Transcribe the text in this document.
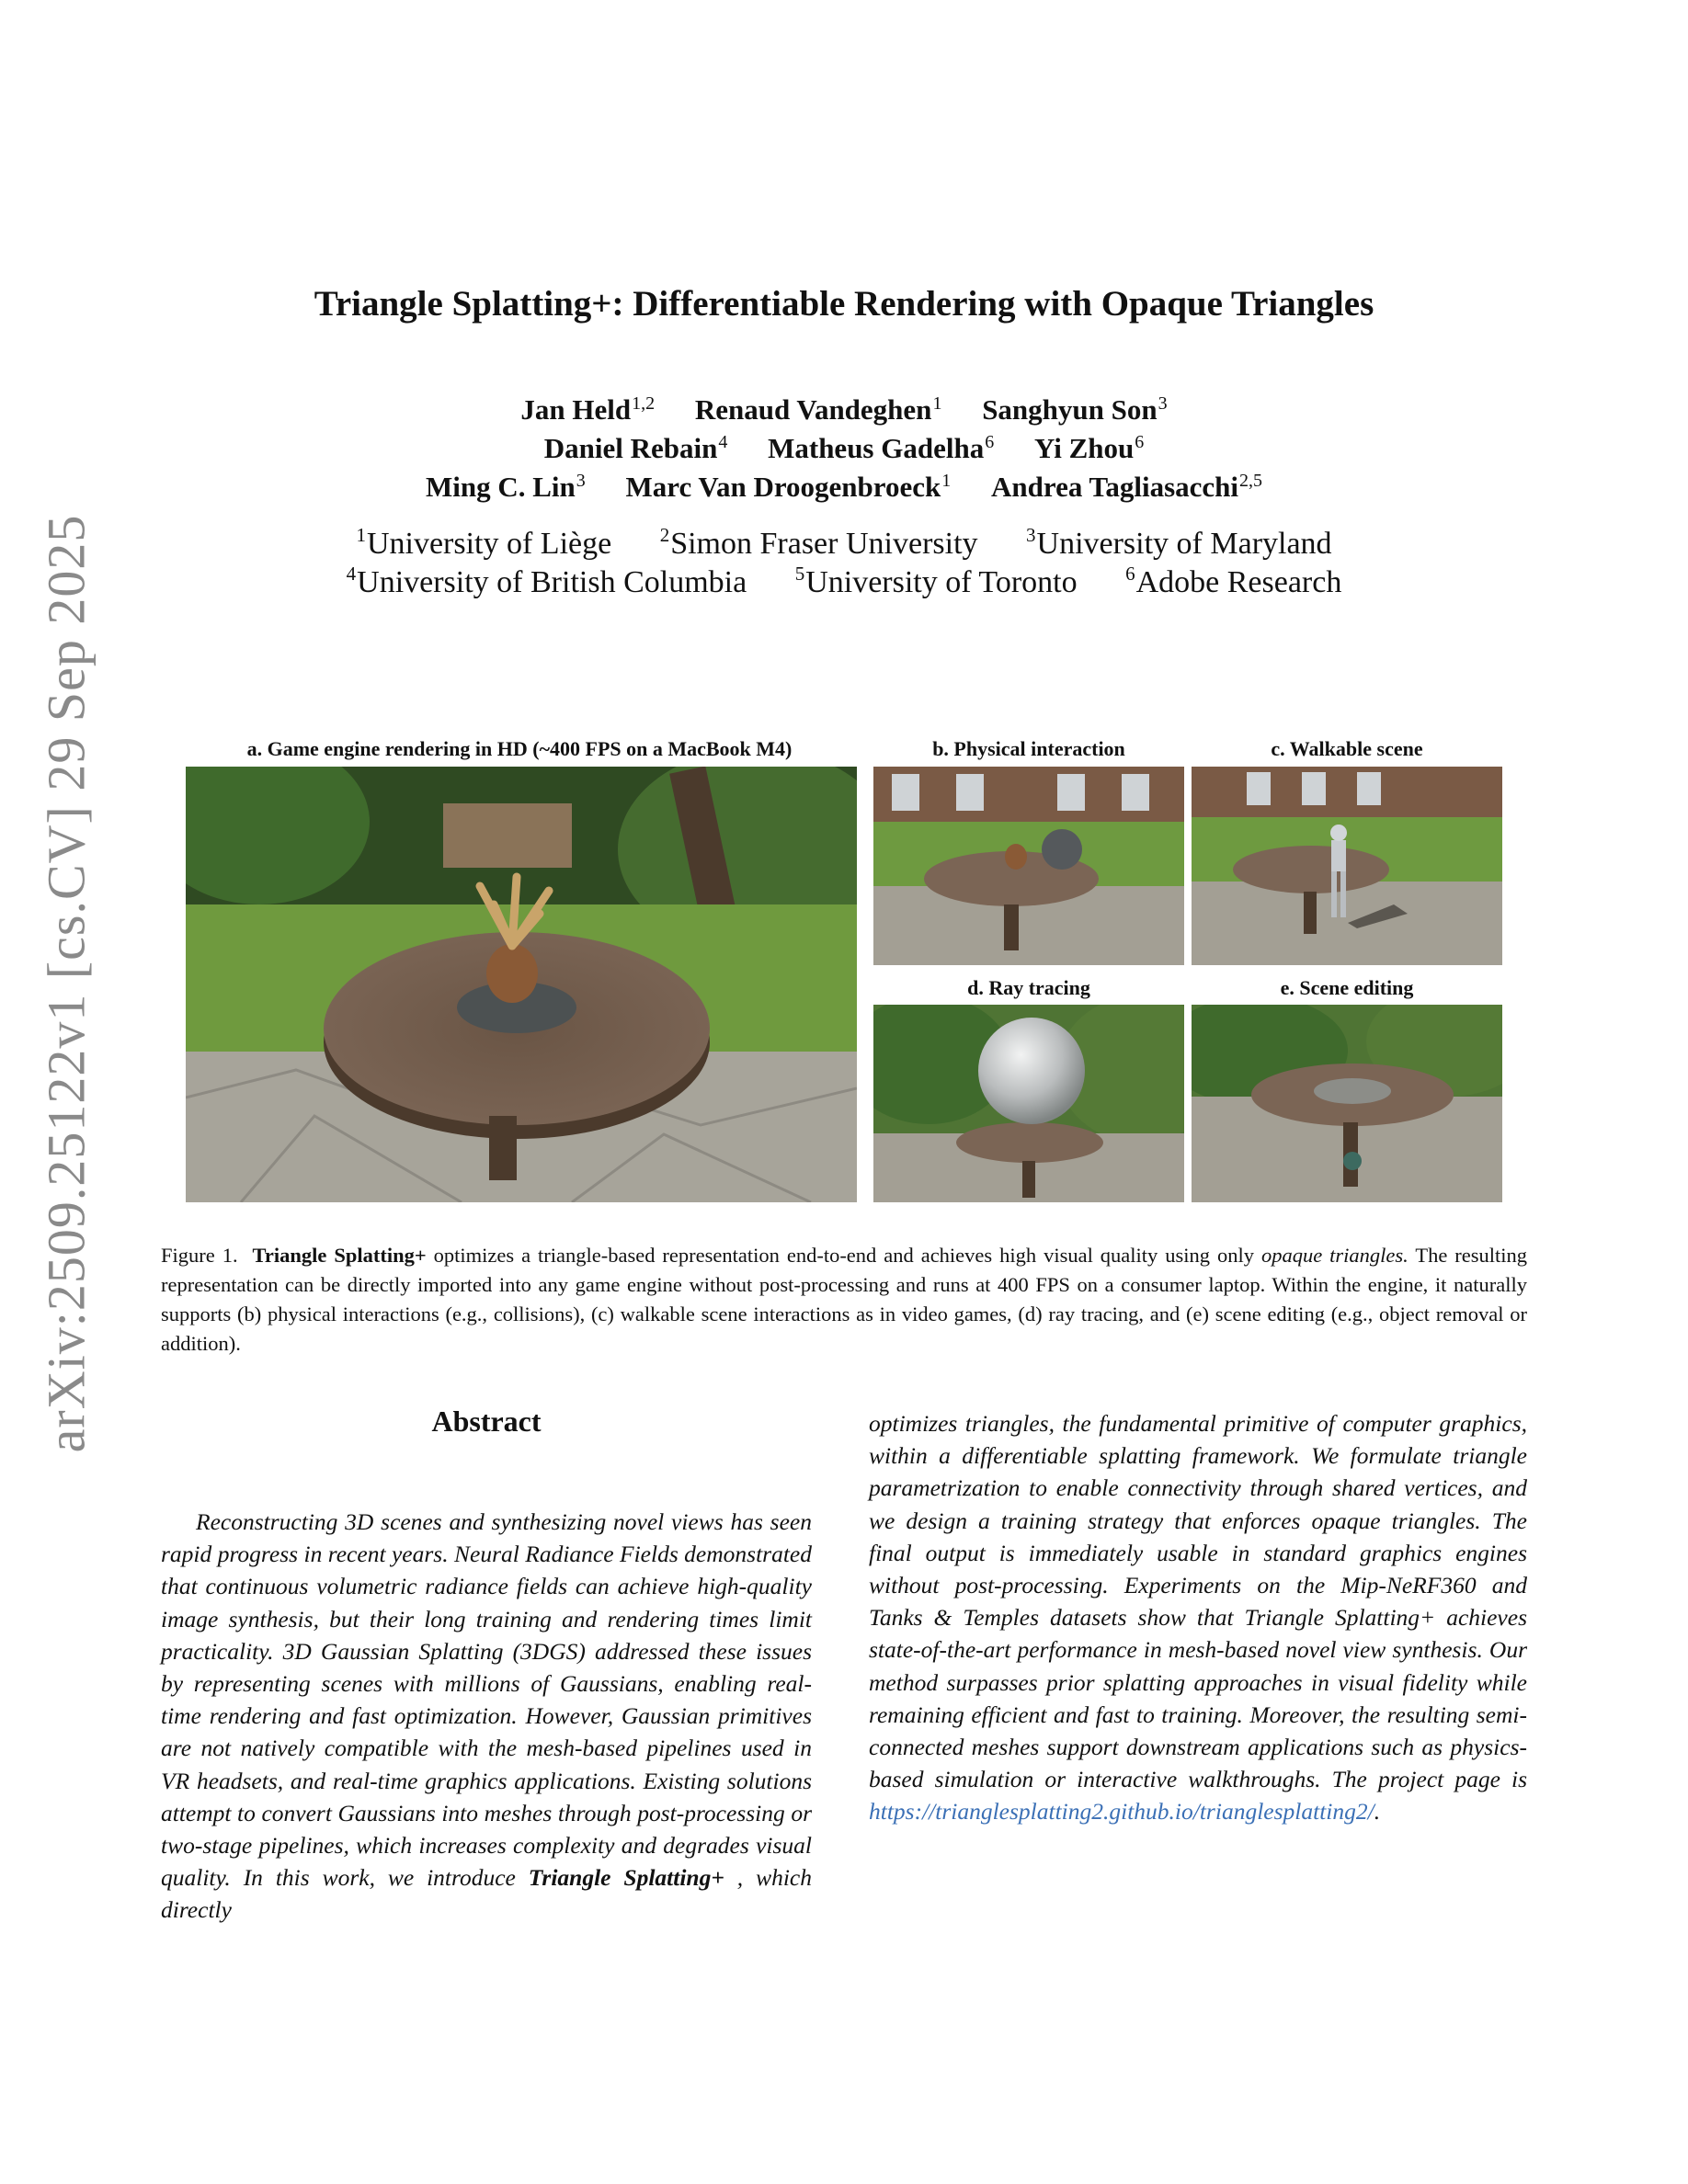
arXiv:2509.25122v1 [cs.CV] 29 Sep 2025
Triangle Splatting+: Differentiable Rendering with Opaque Triangles
Jan Held$^{1,2}$ Renaud Vandeghen$^1$ Sanghyun Son$^3$
Daniel Rebain$^4$ Matheus Gadelha$^6$ Yi Zhou$^6$
Ming C. Lin$^3$ Marc Van Droogenbroeck$^1$ Andrea Tagliasacchi$^{2,5}$
$^1$University of Liège	$^2$Simon Fraser University	$^3$University of Maryland
$^4$University of British Columbia	$^5$University of Toronto	$^6$Adobe Research
a. Game engine rendering in HD (~400 FPS on a MacBook M4)	b. Physical interaction	c. Walkable scene
d. Ray tracing	e. Scene editing
Figure 1. Triangle Splatting+ optimizes a triangle-based representation end-to-end and achieves high visual quality using only opaque triangles. The resulting representation can be directly imported into any game engine without post-processing and runs at 400 FPS on a consumer laptop. Within the engine, it naturally supports (b) physical interactions (e.g., collisions), (c) walkable scene interactions as in video games, (d) ray tracing, and (e) scene editing (e.g., object removal or addition).
Abstract
Reconstructing 3D scenes and synthesizing novel views has seen rapid progress in recent years. Neural Radiance Fields demonstrated that continuous volumetric radiance fields can achieve high-quality image synthesis, but their long training and rendering times limit practicality. 3D Gaussian Splatting (3DGS) addressed these issues by representing scenes with millions of Gaussians, enabling real-time rendering and fast optimization. However, Gaussian primitives are not natively compatible with the mesh-based pipelines used in VR headsets, and real-time graphics applications. Existing solutions attempt to convert Gaussians into meshes through post-processing or two-stage pipelines, which increases complexity and degrades visual quality. In this work, we introduce Triangle Splatting+ , which directly
optimizes triangles, the fundamental primitive of computer graphics, within a differentiable splatting framework. We formulate triangle parametrization to enable connectivity through shared vertices, and we design a training strategy that enforces opaque triangles. The final output is immediately usable in standard graphics engines without post-processing. Experiments on the Mip-NeRF360 and Tanks & Temples datasets show that Triangle Splatting+ achieves state-of-the-art performance in mesh-based novel view synthesis. Our method surpasses prior splatting approaches in visual fidelity while remaining efficient and fast to training. Moreover, the resulting semi-connected meshes support downstream applications such as physics-based simulation or interactive walkthroughs. The project page is https://trianglesplatting2.github.io/trianglesplatting2/.
